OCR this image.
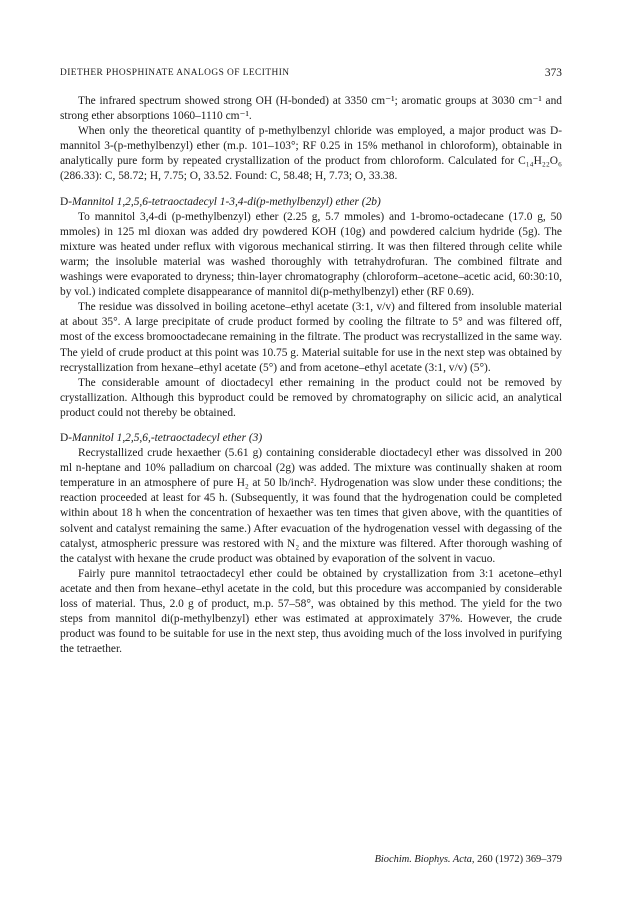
DIETHER PHOSPHINATE ANALOGS OF LECITHIN	373

The infrared spectrum showed strong OH (H-bonded) at 3350 cm⁻¹; aromatic groups at 3030 cm⁻¹ and strong ether absorptions 1060–1110 cm⁻¹.

When only the theoretical quantity of p-methylbenzyl chloride was employed, a major product was D-mannitol 3-(p-methylbenzyl) ether (m.p. 101–103°; RF 0.25 in 15% methanol in chloroform), obtainable in analytically pure form by repeated crystallization of the product from chloroform. Calculated for C₁₄H₂₂O₆ (286.33): C, 58.72; H, 7.75; O, 33.52. Found: C, 58.48; H, 7.73; O, 33.38.

D-Mannitol 1,2,5,6-tetraoctadecyl 1-3,4-di(p-methylbenzyl) ether (2b)

To mannitol 3,4-di (p-methylbenzyl) ether (2.25 g, 5.7 mmoles) and 1-bromo-octadecane (17.0 g, 50 mmoles) in 125 ml dioxan was added dry powdered KOH (10g) and powdered calcium hydride (5g). The mixture was heated under reflux with vigorous mechanical stirring. It was then filtered through celite while warm; the insoluble material was washed thoroughly with tetrahydrofuran. The combined filtrate and washings were evaporated to dryness; thin-layer chromatography (chloroform–acetone–acetic acid, 60:30:10, by vol.) indicated complete disappearance of mannitol di(p-methylbenzyl) ether (RF 0.69).

The residue was dissolved in boiling acetone–ethyl acetate (3:1, v/v) and filtered from insoluble material at about 35°. A large precipitate of crude product formed by cooling the filtrate to 5° and was filtered off, most of the excess bromooctadecane remaining in the filtrate. The product was recrystallized in the same way. The yield of crude product at this point was 10.75 g. Material suitable for use in the next step was obtained by recrystallization from hexane–ethyl acetate (5°) and from acetone–ethyl acetate (3:1, v/v) (5°).

The considerable amount of dioctadecyl ether remaining in the product could not be removed by crystallization. Although this byproduct could be removed by chromatography on silicic acid, an analytical product could not thereby be obtained.

D-Mannitol 1,2,5,6,-tetraoctadecyl ether (3)

Recrystallized crude hexaether (5.61 g) containing considerable dioctadecyl ether was dissolved in 200 ml n-heptane and 10% palladium on charcoal (2g) was added. The mixture was continually shaken at room temperature in an atmosphere of pure H₂ at 50 lb/inch². Hydrogenation was slow under these conditions; the reaction proceeded at least for 45 h. (Subsequently, it was found that the hydrogenation could be completed within about 18 h when the concentration of hexaether was ten times that given above, with the quantities of solvent and catalyst remaining the same.) After evacuation of the hydrogenation vessel with degassing of the catalyst, atmospheric pressure was restored with N₂ and the mixture was filtered. After thorough washing of the catalyst with hexane the crude product was obtained by evaporation of the solvent in vacuo.

Fairly pure mannitol tetraoctadecyl ether could be obtained by crystallization from 3:1 acetone–ethyl acetate and then from hexane–ethyl acetate in the cold, but this procedure was accompanied by considerable loss of material. Thus, 2.0 g of product, m.p. 57–58°, was obtained by this method. The yield for the two steps from mannitol di(p-methylbenzyl) ether was estimated at approximately 37%. However, the crude product was found to be suitable for use in the next step, thus avoiding much of the loss involved in purifying the tetraether.

Biochim. Biophys. Acta, 260 (1972) 369–379
